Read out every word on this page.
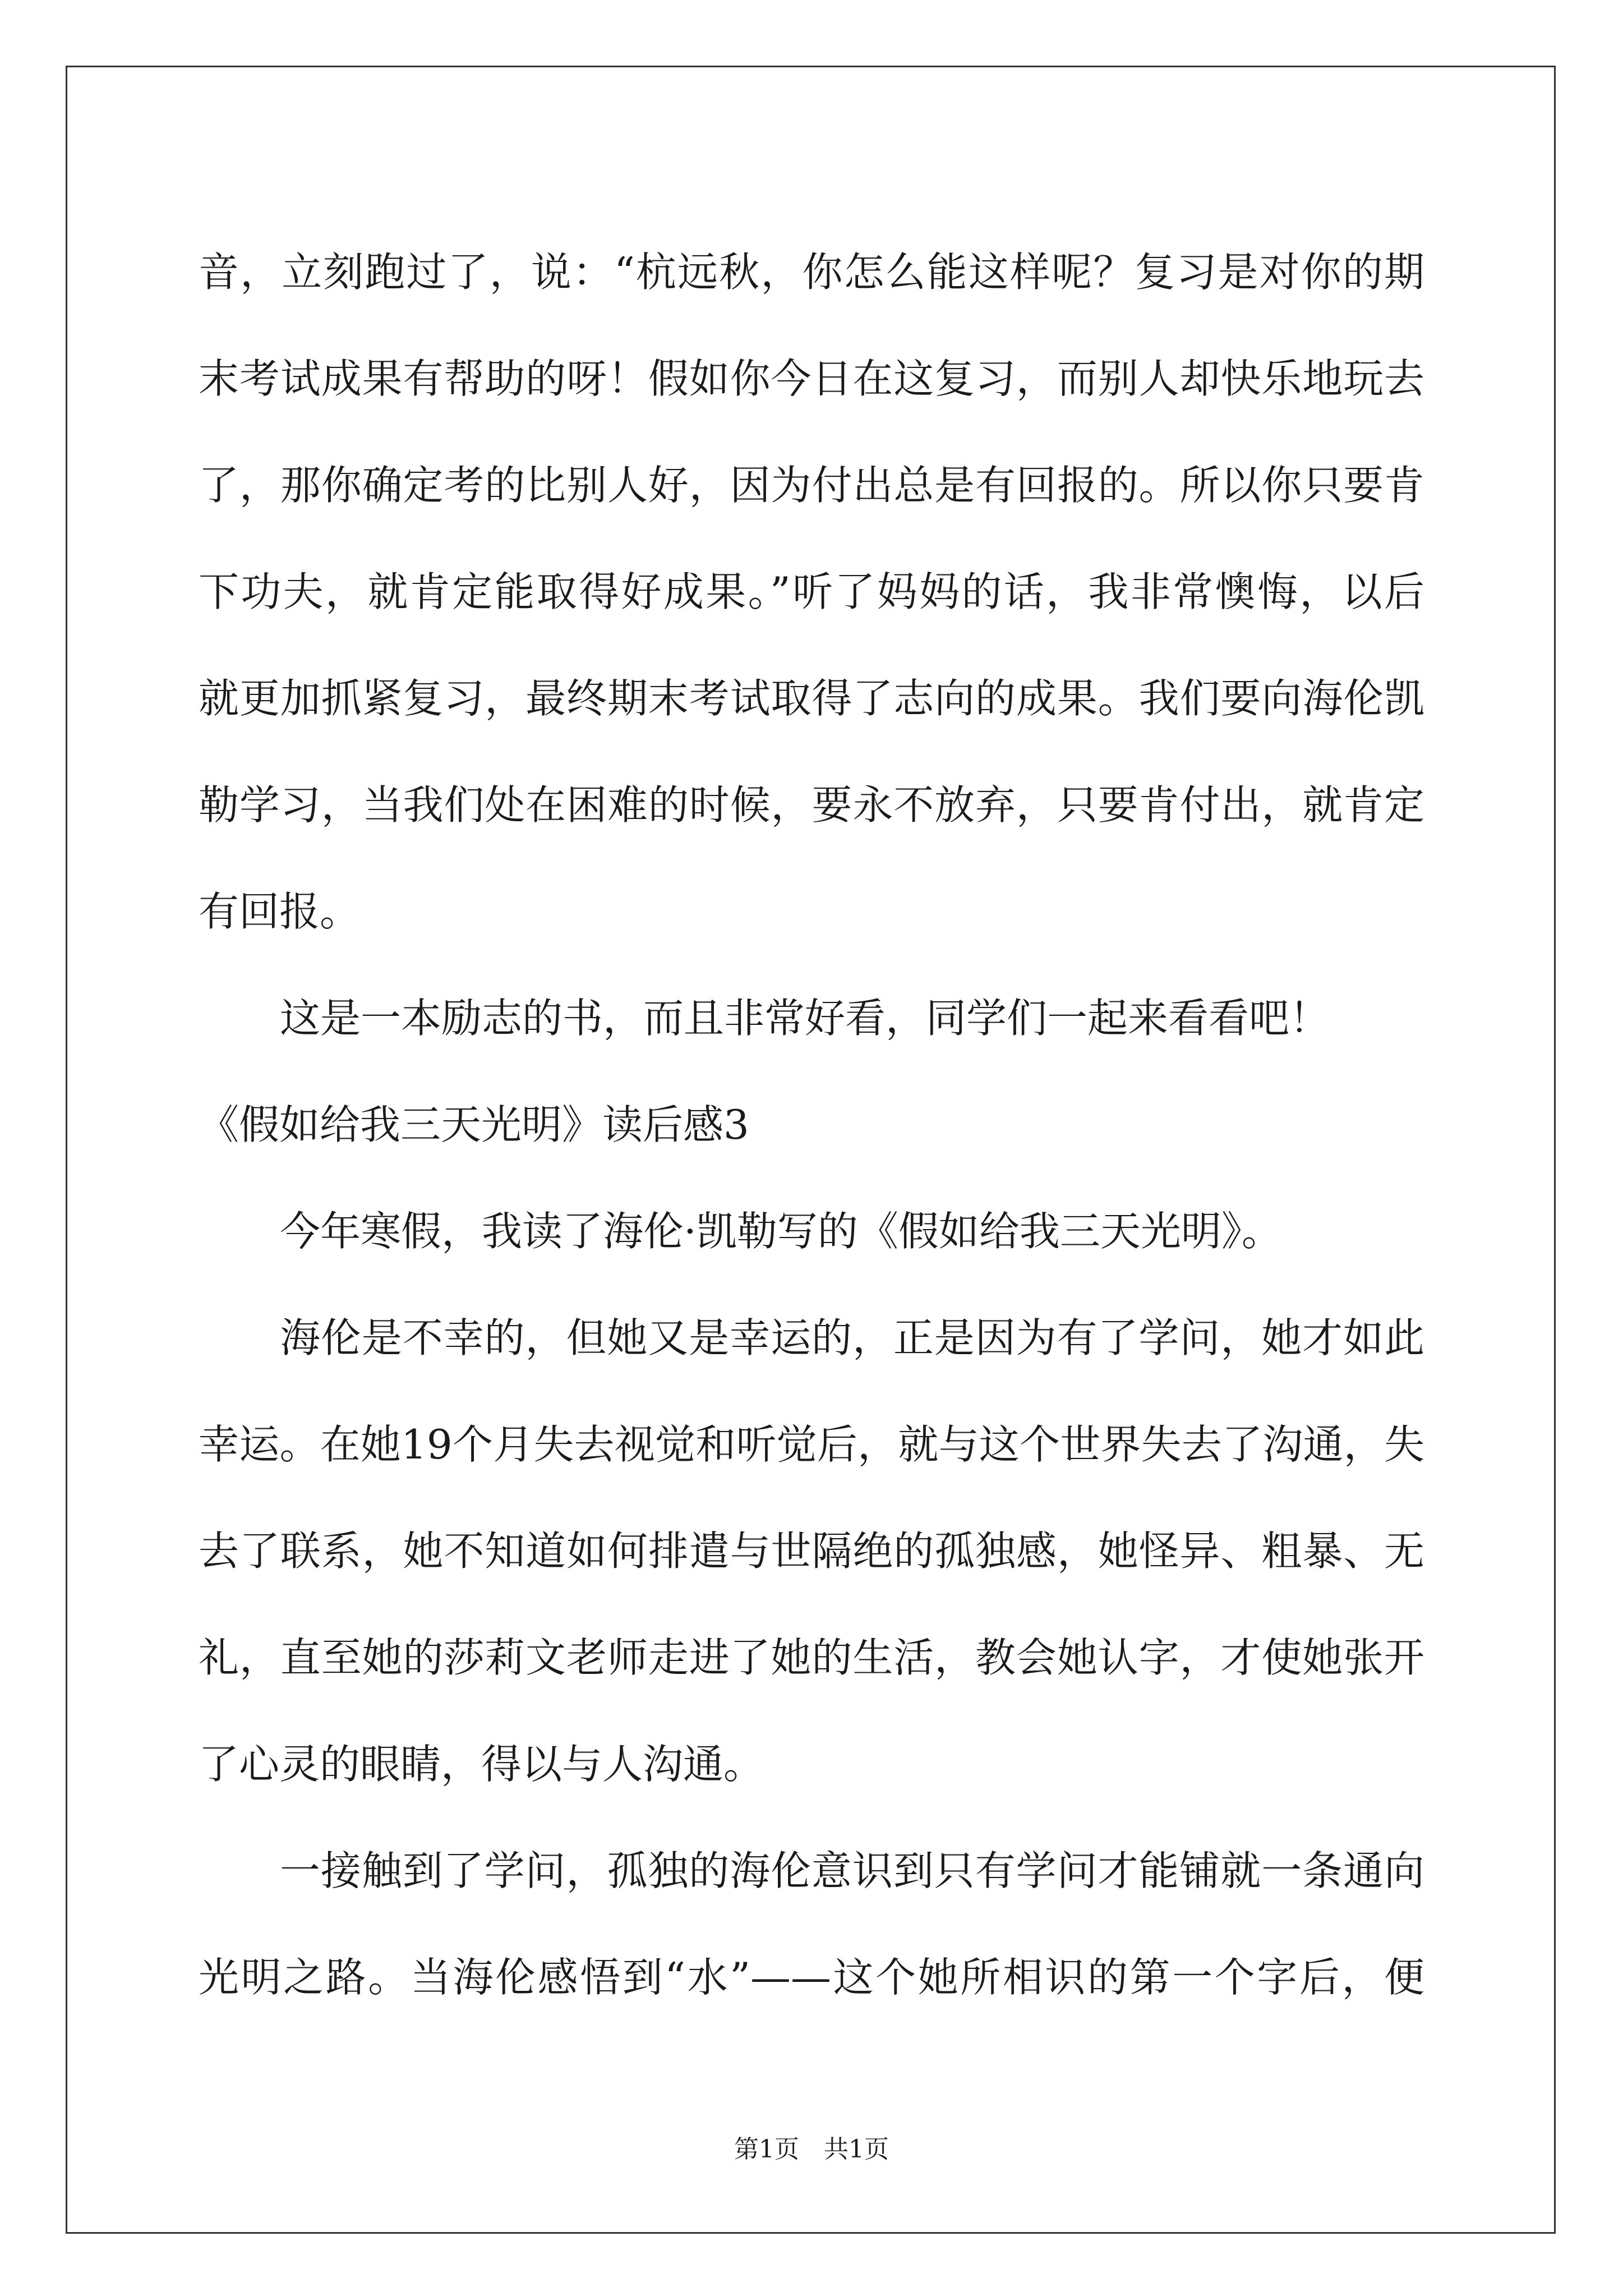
音，立刻跑过了，说：“杭远秋，你怎么能这样呢？复习是对你的期
末考试成果有帮助的呀！假如你今日在这复习，而别人却快乐地玩去
了，那你确定考的比别人好，因为付出总是有回报的。所以你只要肯
下功夫，就肯定能取得好成果。”听了妈妈的话，我非常懊悔，以后
就更加抓紧复习，最终期末考试取得了志向的成果。我们要向海伦凯
勒学习，当我们处在困难的时候，要永不放弃，只要肯付出，就肯定
有回报。
这是一本励志的书，而且非常好看，同学们一起来看看吧！
《假如给我三天光明》读后感3
今年寒假，我读了海伦·凯勒写的《假如给我三天光明》。
海伦是不幸的，但她又是幸运的，正是因为有了学问，她才如此
幸运。在她19个月失去视觉和听觉后，就与这个世界失去了沟通，失
去了联系，她不知道如何排遣与世隔绝的孤独感，她怪异、粗暴、无
礼，直至她的莎莉文老师走进了她的生活，教会她认字，才使她张开
了心灵的眼睛，得以与人沟通。
一接触到了学问，孤独的海伦意识到只有学问才能铺就一条通向
光明之路。当海伦感悟到“水”——这个她所相识的第一个字后，便
第1页　共1页
